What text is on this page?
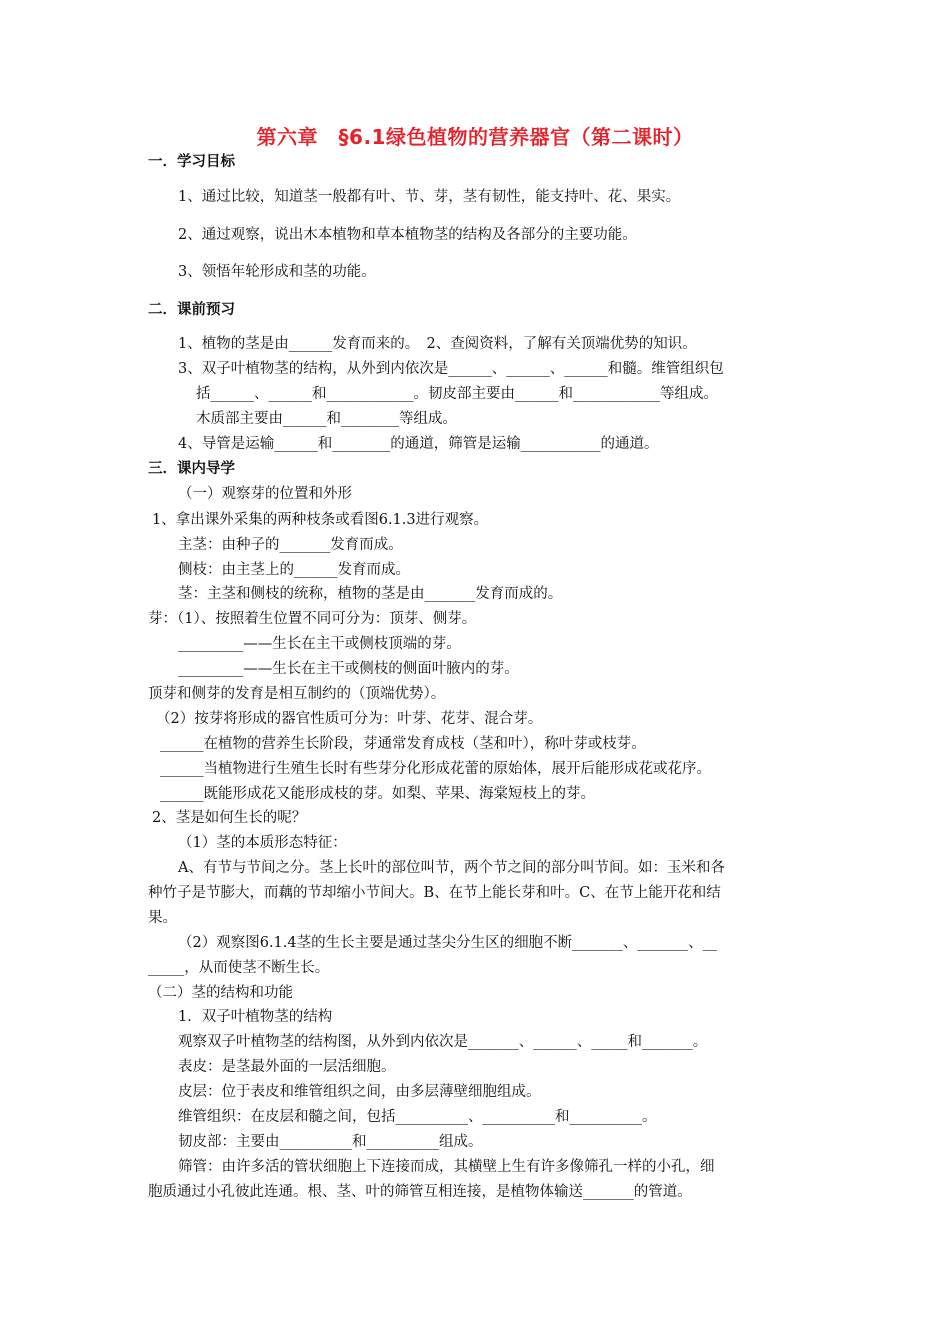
第六章　§6.1绿色植物的营养器官（第二课时）
一．学习目标
1、通过比较，知道茎一般都有叶、节、芽，茎有韧性，能支持叶、花、果实。
2、通过观察，说出木本植物和草本植物茎的结构及各部分的主要功能。
3、领悟年轮形成和茎的功能。
二．课前预习
1、植物的茎是由______发育而来的。　2、查阅资料，了解有关顶端优势的知识。
3、双子叶植物茎的结构，从外到内依次是______、______、______和髓。维管组织包
括______、______和____________。韧皮部主要由______和____________等组成。
木质部主要由______和________等组成。
4、导管是运输______和________的通道，筛管是运输___________的通道。
三．课内导学
（一）观察芽的位置和外形
1、拿出课外采集的两种枝条或看图6.1.3进行观察。
主茎：由种子的_______发育而成。
侧枝：由主茎上的______发育而成。
茎：主茎和侧枝的统称，植物的茎是由_______发育而成的。
芽：（1）、按照着生位置不同可分为：顶芽、侧芽。
_________——生长在主干或侧枝顶端的芽。
_________——生长在主干或侧枝的侧面叶腋内的芽。
顶芽和侧芽的发育是相互制约的（顶端优势）。
（2）按芽将形成的器官性质可分为：叶芽、花芽、混合芽。
______在植物的营养生长阶段，芽通常发育成枝（茎和叶），称叶芽或枝芽。
______当植物进行生殖生长时有些芽分化形成花蕾的原始体，展开后能形成花或花序。
______既能形成花又能形成枝的芽。如梨、苹果、海棠短枝上的芽。
2、茎是如何生长的呢？
（1）茎的本质形态特征：
A、有节与节间之分。茎上长叶的部位叫节，两个节之间的部分叫节间。如：玉米和各
种竹子是节膨大，而藕的节却缩小节间大。B、在节上能长芽和叶。C、在节上能开花和结
果。
（2）观察图6.1.4茎的生长主要是通过茎尖分生区的细胞不断_______、_______、__
_____，从而使茎不断生长。
（二）茎的结构和功能
1．双子叶植物茎的结构
观察双子叶植物茎的结构图，从外到内依次是_______、______、_____和_______。
表皮：是茎最外面的一层活细胞。
皮层：位于表皮和维管组织之间，由多层薄壁细胞组成。
维管组织：在皮层和髓之间，包括__________、__________和__________。
韧皮部：主要由__________和__________组成。
筛管：由许多活的管状细胞上下连接而成，其横壁上生有许多像筛孔一样的小孔，细
胞质通过小孔彼此连通。根、茎、叶的筛管互相连接，是植物体输送_______的管道。
